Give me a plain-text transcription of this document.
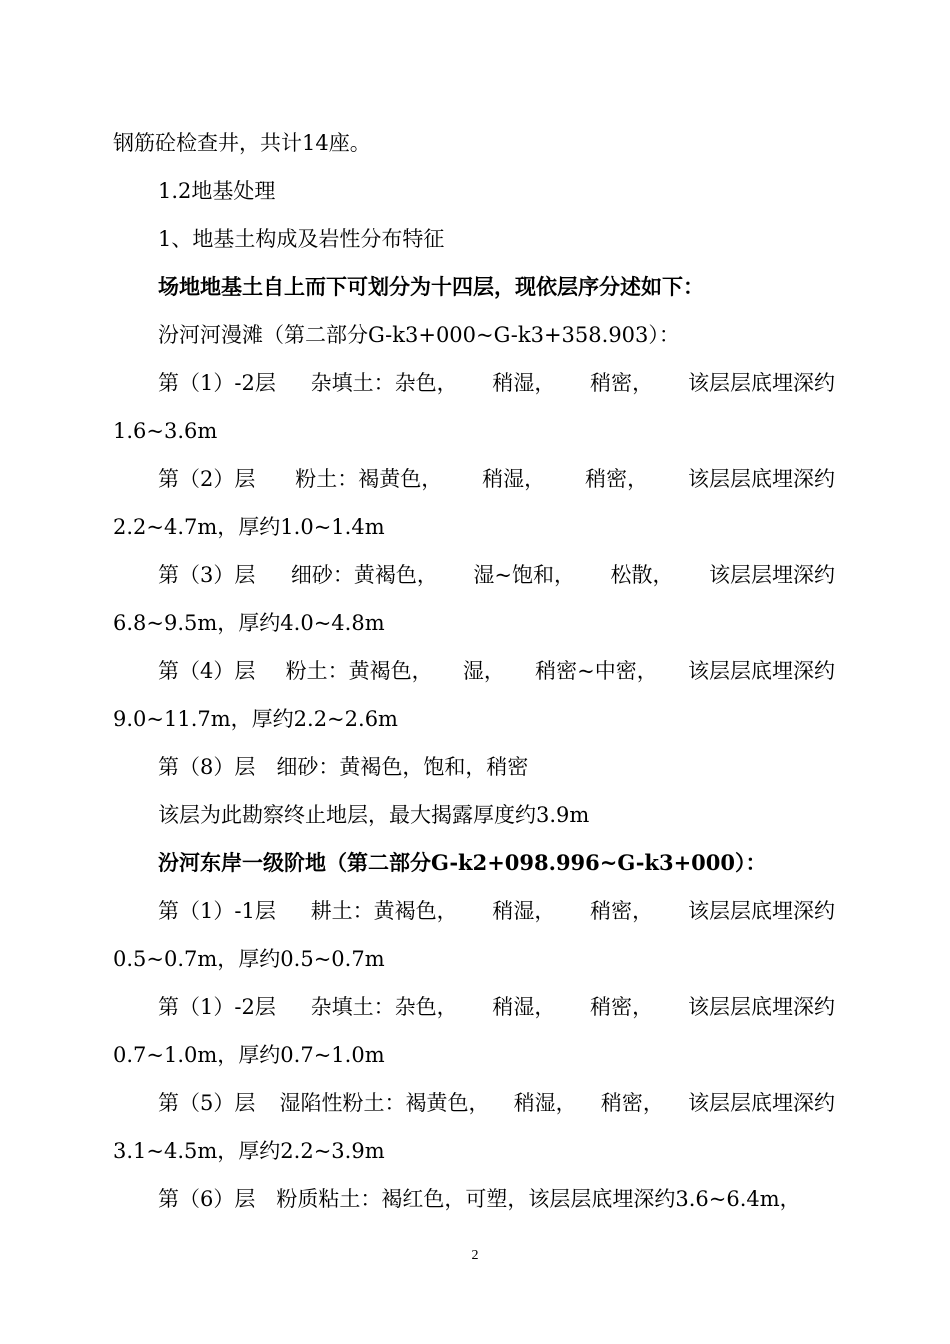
钢筋砼检查井，共计14座。
1.2地基处理
1、地基土构成及岩性分布特征
场地地基土自上而下可划分为十四层，现依层序分述如下：
汾河河漫滩（第二部分G-k3+000~G-k3+358.903）：
第（1）-2层 杂填土：杂色， 稍湿， 稍密， 该层层底埋深约
1.6~3.6m
第（2）层 粉土：褐黄色， 稍湿， 稍密， 该层层底埋深约
2.2~4.7m，厚约1.0~1.4m
第（3）层 细砂：黄褐色， 湿~饱和， 松散， 该层层埋深约
6.8~9.5m，厚约4.0~4.8m
第（4）层 粉土：黄褐色， 湿， 稍密~中密， 该层层底埋深约
9.0~11.7m，厚约2.2~2.6m
第（8）层　细砂：黄褐色，饱和，稍密
该层为此勘察终止地层，最大揭露厚度约3.9m
汾河东岸一级阶地（第二部分G-k2+098.996~G-k3+000）：
第（1）-1层 耕土：黄褐色， 稍湿， 稍密， 该层层底埋深约
0.5~0.7m，厚约0.5~0.7m
第（1）-2层 杂填土：杂色， 稍湿， 稍密， 该层层底埋深约
0.7~1.0m，厚约0.7~1.0m
第（5）层 湿陷性粉土：褐黄色， 稍湿， 稍密， 该层层底埋深约
3.1~4.5m，厚约2.2~3.9m
第（6）层　粉质粘土：褐红色，可塑，该层层底埋深约3.6~6.4m，
2
